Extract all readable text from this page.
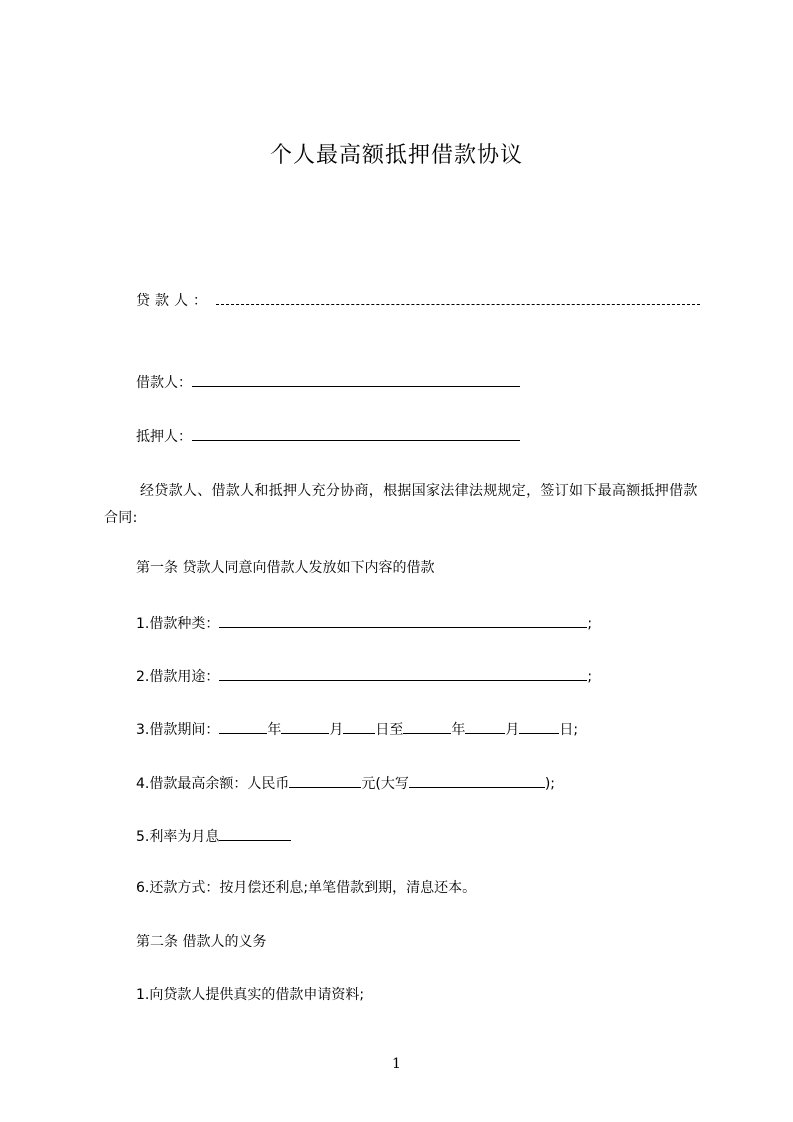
个人最高额抵押借款协议
贷款人：
借款人：
抵押人：
经贷款人、借款人和抵押人充分协商，根据国家法律法规规定，签订如下最高额抵押借款合同:
第一条 贷款人同意向借款人发放如下内容的借款
1.借款种类：	;
2.借款用途：	;
3.借款期间：	年	月 日至	年	月	日;
4.借款最高余额：人民币	元(大写	);
5.利率为月息
6.还款方式：按月偿还利息;单笔借款到期，清息还本。
第二条 借款人的义务
1.向贷款人提供真实的借款申请资料;
1
